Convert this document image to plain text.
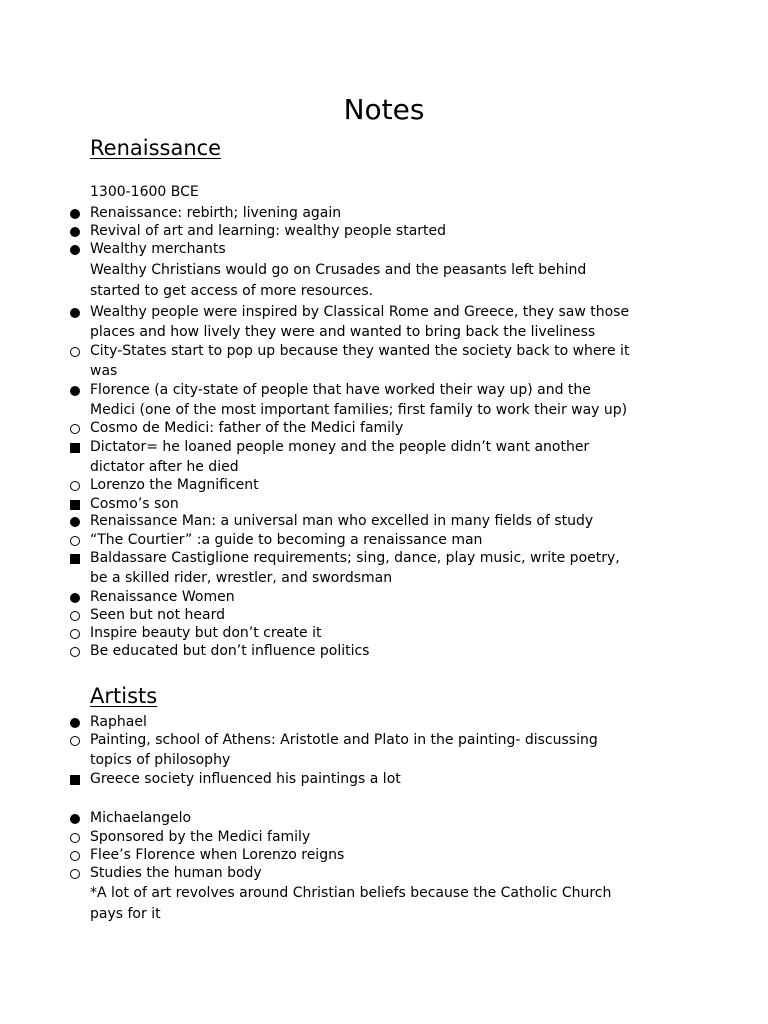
Notes
Renaissance
1300-1600 BCE
Renaissance: rebirth; livening again
Revival of art and learning: wealthy people started
Wealthy merchants
Wealthy Christians would go on Crusades and the peasants left behind
started to get access of more resources.
Wealthy people were inspired by Classical Rome and Greece, they saw those
places and how lively they were and wanted to bring back the liveliness
City-States start to pop up because they wanted the society back to where it
was
Florence (a city-state of people that have worked their way up) and the
Medici (one of the most important families; first family to work their way up)
Cosmo de Medici: father of the Medici family
Dictator= he loaned people money and the people didn’t want another
dictator after he died
Lorenzo the Magnificent
Cosmo’s son
Renaissance Man: a universal man who excelled in many fields of study
“The Courtier” :a guide to becoming a renaissance man
Baldassare Castiglione requirements; sing, dance, play music, write poetry,
be a skilled rider, wrestler, and swordsman
Renaissance Women
Seen but not heard
Inspire beauty but don’t create it
Be educated but don’t influence politics
Artists
Raphael
Painting, school of Athens: Aristotle and Plato in the painting- discussing
topics of philosophy
Greece society influenced his paintings a lot
Michaelangelo
Sponsored by the Medici family
Flee’s Florence when Lorenzo reigns
Studies the human body
*A lot of art revolves around Christian beliefs because the Catholic Church
pays for it
